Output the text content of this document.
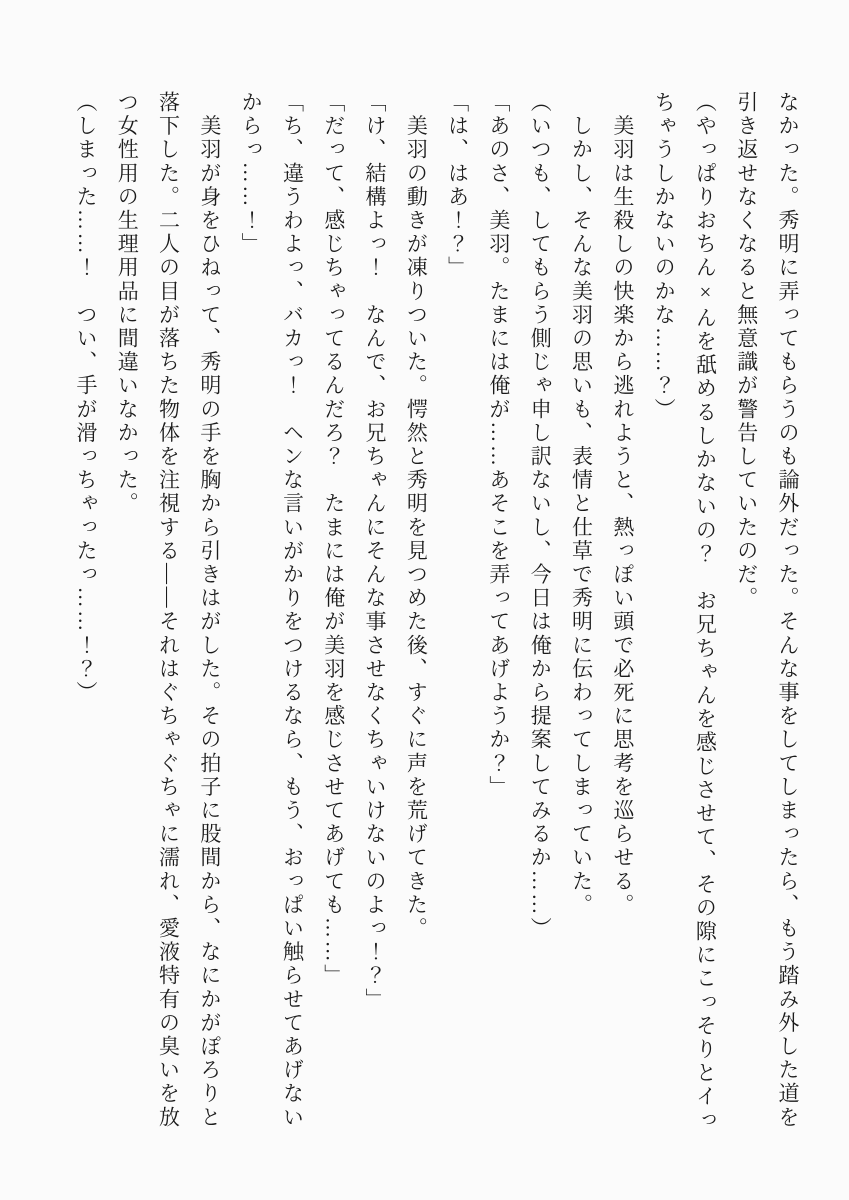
なかった。秀明に弄ってもらうのも論外だった。そんな事をしてしまったら、もう踏み外した道を

引き返せなくなると無意識が警告していたのだ。

（やっぱりおちん×んを舐めるしかないの？　お兄ちゃんを感じさせて、その隙にこっそりとイっ

ちゃうしかないのかな……？）

　美羽は生殺しの快楽から逃れようと、熱っぽい頭で必死に思考を巡らせる。

　しかし、そんな美羽の思いも、表情と仕草で秀明に伝わってしまっていた。

（いつも、してもらう側じゃ申し訳ないし、今日は俺から提案してみるか……）

「あのさ、美羽。たまには俺が……あそこを弄ってあげようか？」

「は、はあ！？」

　美羽の動きが凍りついた。愕然と秀明を見つめた後、すぐに声を荒げてきた。

「け、結構よっ！　なんで、お兄ちゃんにそんな事させなくちゃいけないのよっ！？」

「だって、感じちゃってるんだろ？　たまには俺が美羽を感じさせてあげても……」

「ち、違うわよっ、バカっ！　ヘンな言いがかりをつけるなら、もう、おっぱい触らせてあげない

からっ……！」

　美羽が身をひねって、秀明の手を胸から引きはがした。その拍子に股間から、なにかがぽろりと

落下した。二人の目が落ちた物体を注視する――それはぐちゃぐちゃに濡れ、愛液特有の臭いを放

つ女性用の生理用品に間違いなかった。

（しまった……！　つい、手が滑っちゃったっ……！？）
